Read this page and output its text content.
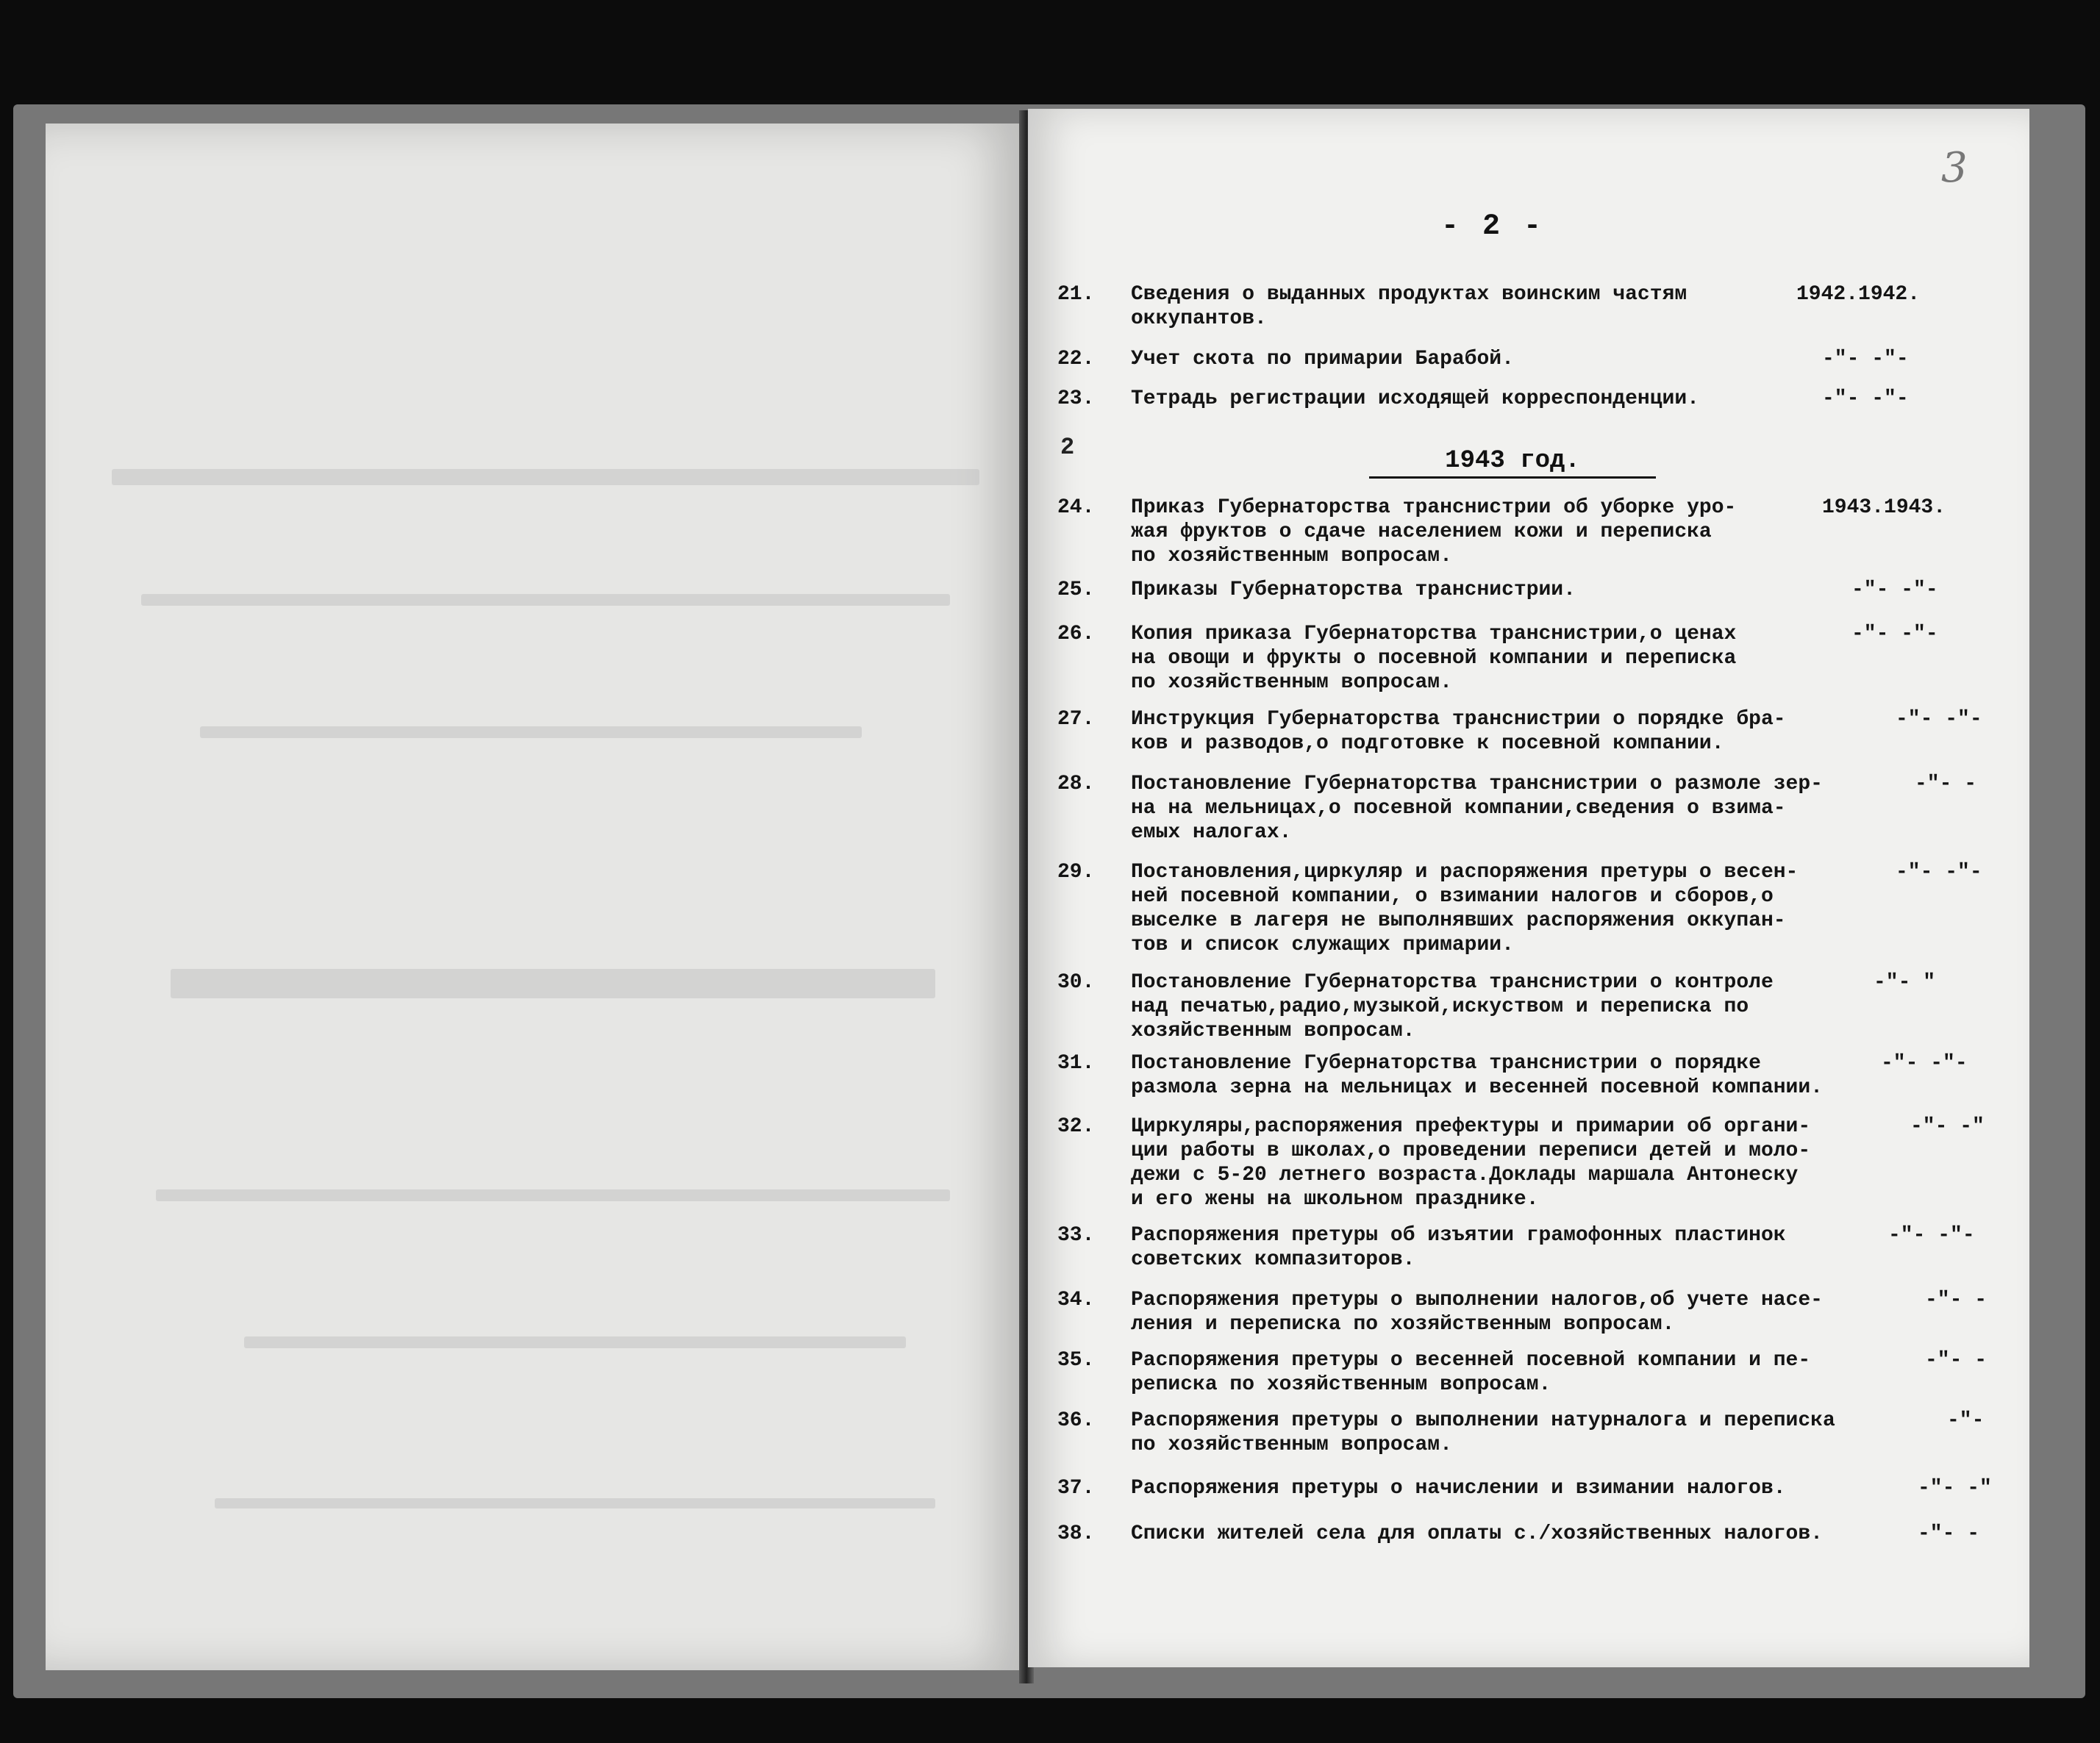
3
- 2 -
2	1943 год.
21.	Сведения о выданных продуктах воинским частям
оккупантов.
1942.1942.
22.	Учет скота по примарии Барабой.	-"- -"-
23.	Тетрадь регистрации исходящей корреспонденции.	-"- -"-
24.	Приказ Губернаторства транснистрии об уборке уро-
жая фруктов о сдаче населением кожи и переписка
по хозяйственным вопросам.
1943.1943.
25.	Приказы Губернаторства транснистрии.	-"- -"-
26.	Копия приказа Губернаторства транснистрии,о ценах
на овощи и фрукты о посевной компании и переписка
по хозяйственным вопросам.
-"- -"-
27.	Инструкция Губернаторства транснистрии о порядке бра-
ков и разводов,о подготовке к посевной компании.
-"- -"-
28.	Постановление Губернаторства транснистрии о размоле зер-
на на мельницах,о посевной компании,сведения о взима-
емых налогах.
-"- -
29.	Постановления,циркуляр и распоряжения претуры о весен-
ней посевной компании, о взимании налогов и сборов,о
выселке в лагеря не выполнявших распоряжения оккупан-
тов и список служащих примарии.
-"- -"-
30.	Постановление Губернаторства транснистрии о контроле
над печатью,радио,музыкой,искуством и переписка по
хозяйственным вопросам.
-"- "
31.	Постановление Губернаторства транснистрии о порядке
размола зерна на мельницах и весенней посевной компании.
-"- -"-
32.	Циркуляры,распоряжения префектуры и примарии об органи-
ции работы в школах,о проведении переписи детей и моло-
дежи с 5-20 летнего возраста.Доклады маршала Антонеску
и его жены на школьном празднике.
-"- -"
33.	Распоряжения претуры об изъятии грамофонных пластинок
советских компазиторов.
-"- -"-
34.	Распоряжения претуры о выполнении налогов,об учете насе-
ления и переписка по хозяйственным вопросам.
-"- -
35.	Распоряжения претуры о весенней посевной компании и пе-
реписка по хозяйственным вопросам.
-"- -
36.	Распоряжения претуры о выполнении натурналога и переписка
по хозяйственным вопросам.
-"-
37.	Распоряжения претуры о начислении и взимании налогов.	-"- -"
38.	Списки жителей села для оплаты с./хозяйственных налогов.	-"- -
